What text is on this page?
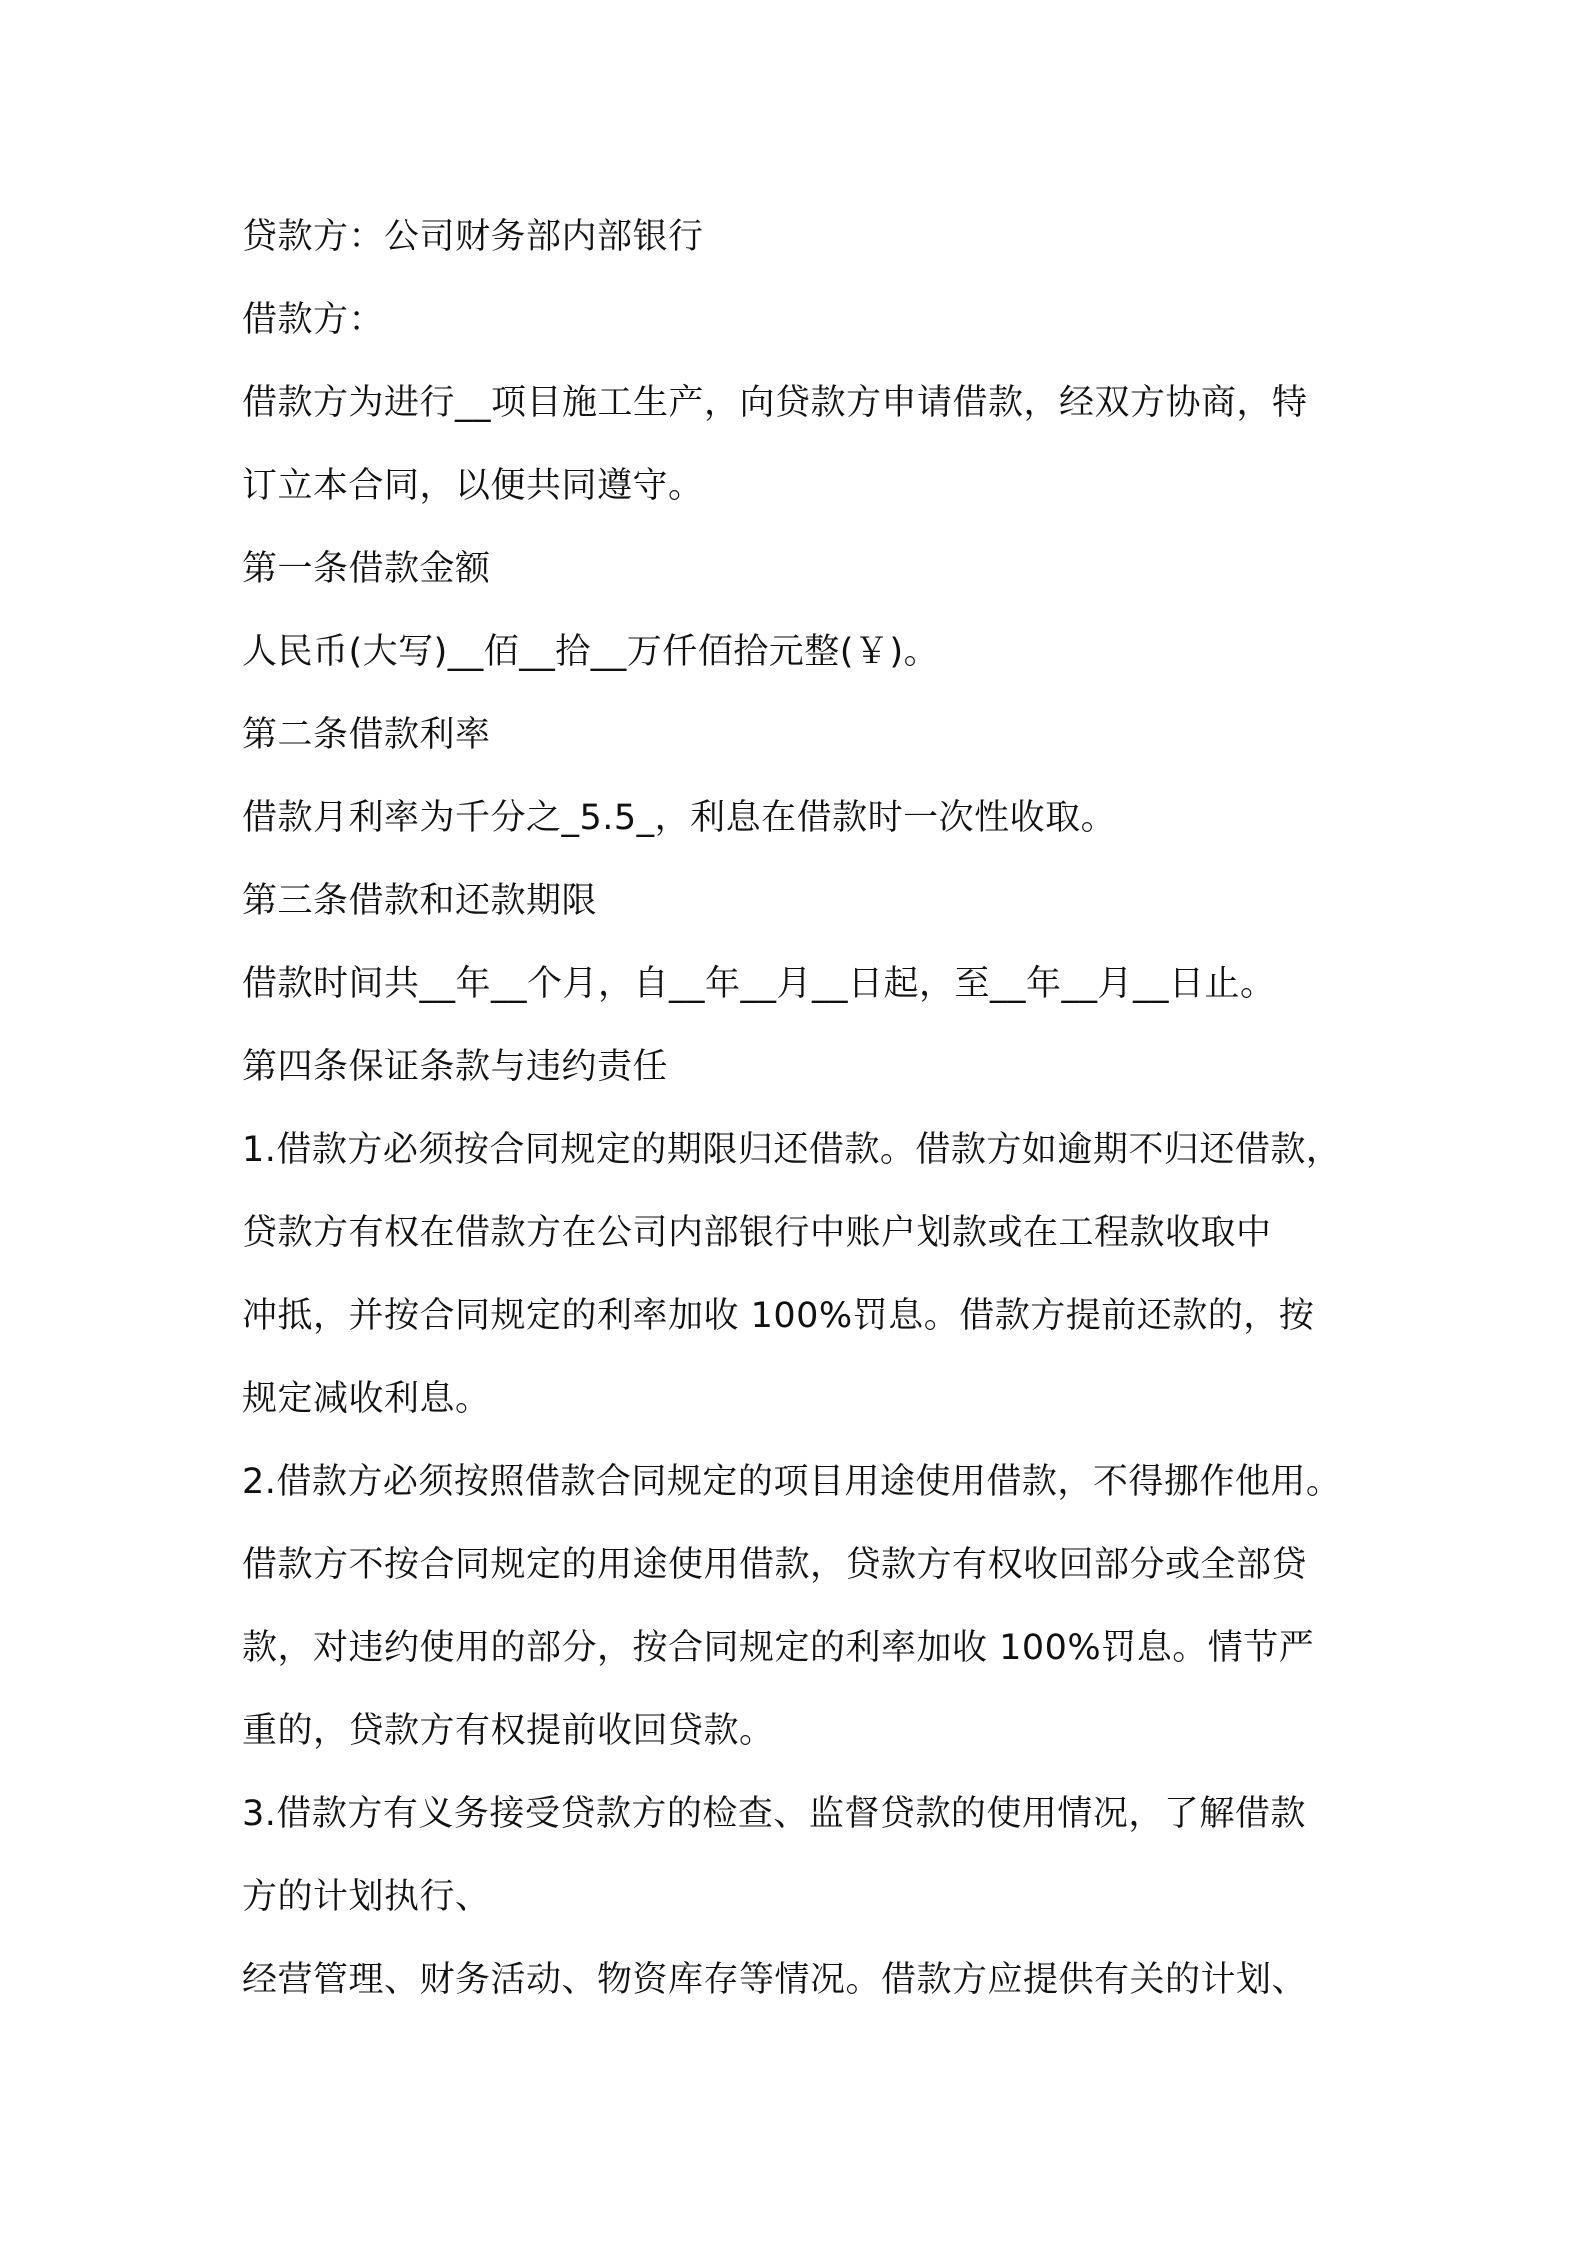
贷款方：公司财务部内部银行
借款方：
借款方为进行__项目施工生产，向贷款方申请借款，经双方协商，特
订立本合同，以便共同遵守。
第一条借款金额
人民币(大写)__佰__拾__万仟佰拾元整(￥)。
第二条借款利率
借款月利率为千分之_5.5_，利息在借款时一次性收取。
第三条借款和还款期限
借款时间共__年__个月，自__年__月__日起，至__年__月__日止。
第四条保证条款与违约责任
1.借款方必须按合同规定的期限归还借款。借款方如逾期不归还借款，
贷款方有权在借款方在公司内部银行中账户划款或在工程款收取中
冲抵，并按合同规定的利率加收 100%罚息。借款方提前还款的，按
规定减收利息。
2.借款方必须按照借款合同规定的项目用途使用借款，不得挪作他用。
借款方不按合同规定的用途使用借款，贷款方有权收回部分或全部贷
款，对违约使用的部分，按合同规定的利率加收 100%罚息。情节严
重的，贷款方有权提前收回贷款。
3.借款方有义务接受贷款方的检查、监督贷款的使用情况，了解借款
方的计划执行、
经营管理、财务活动、物资库存等情况。借款方应提供有关的计划、
